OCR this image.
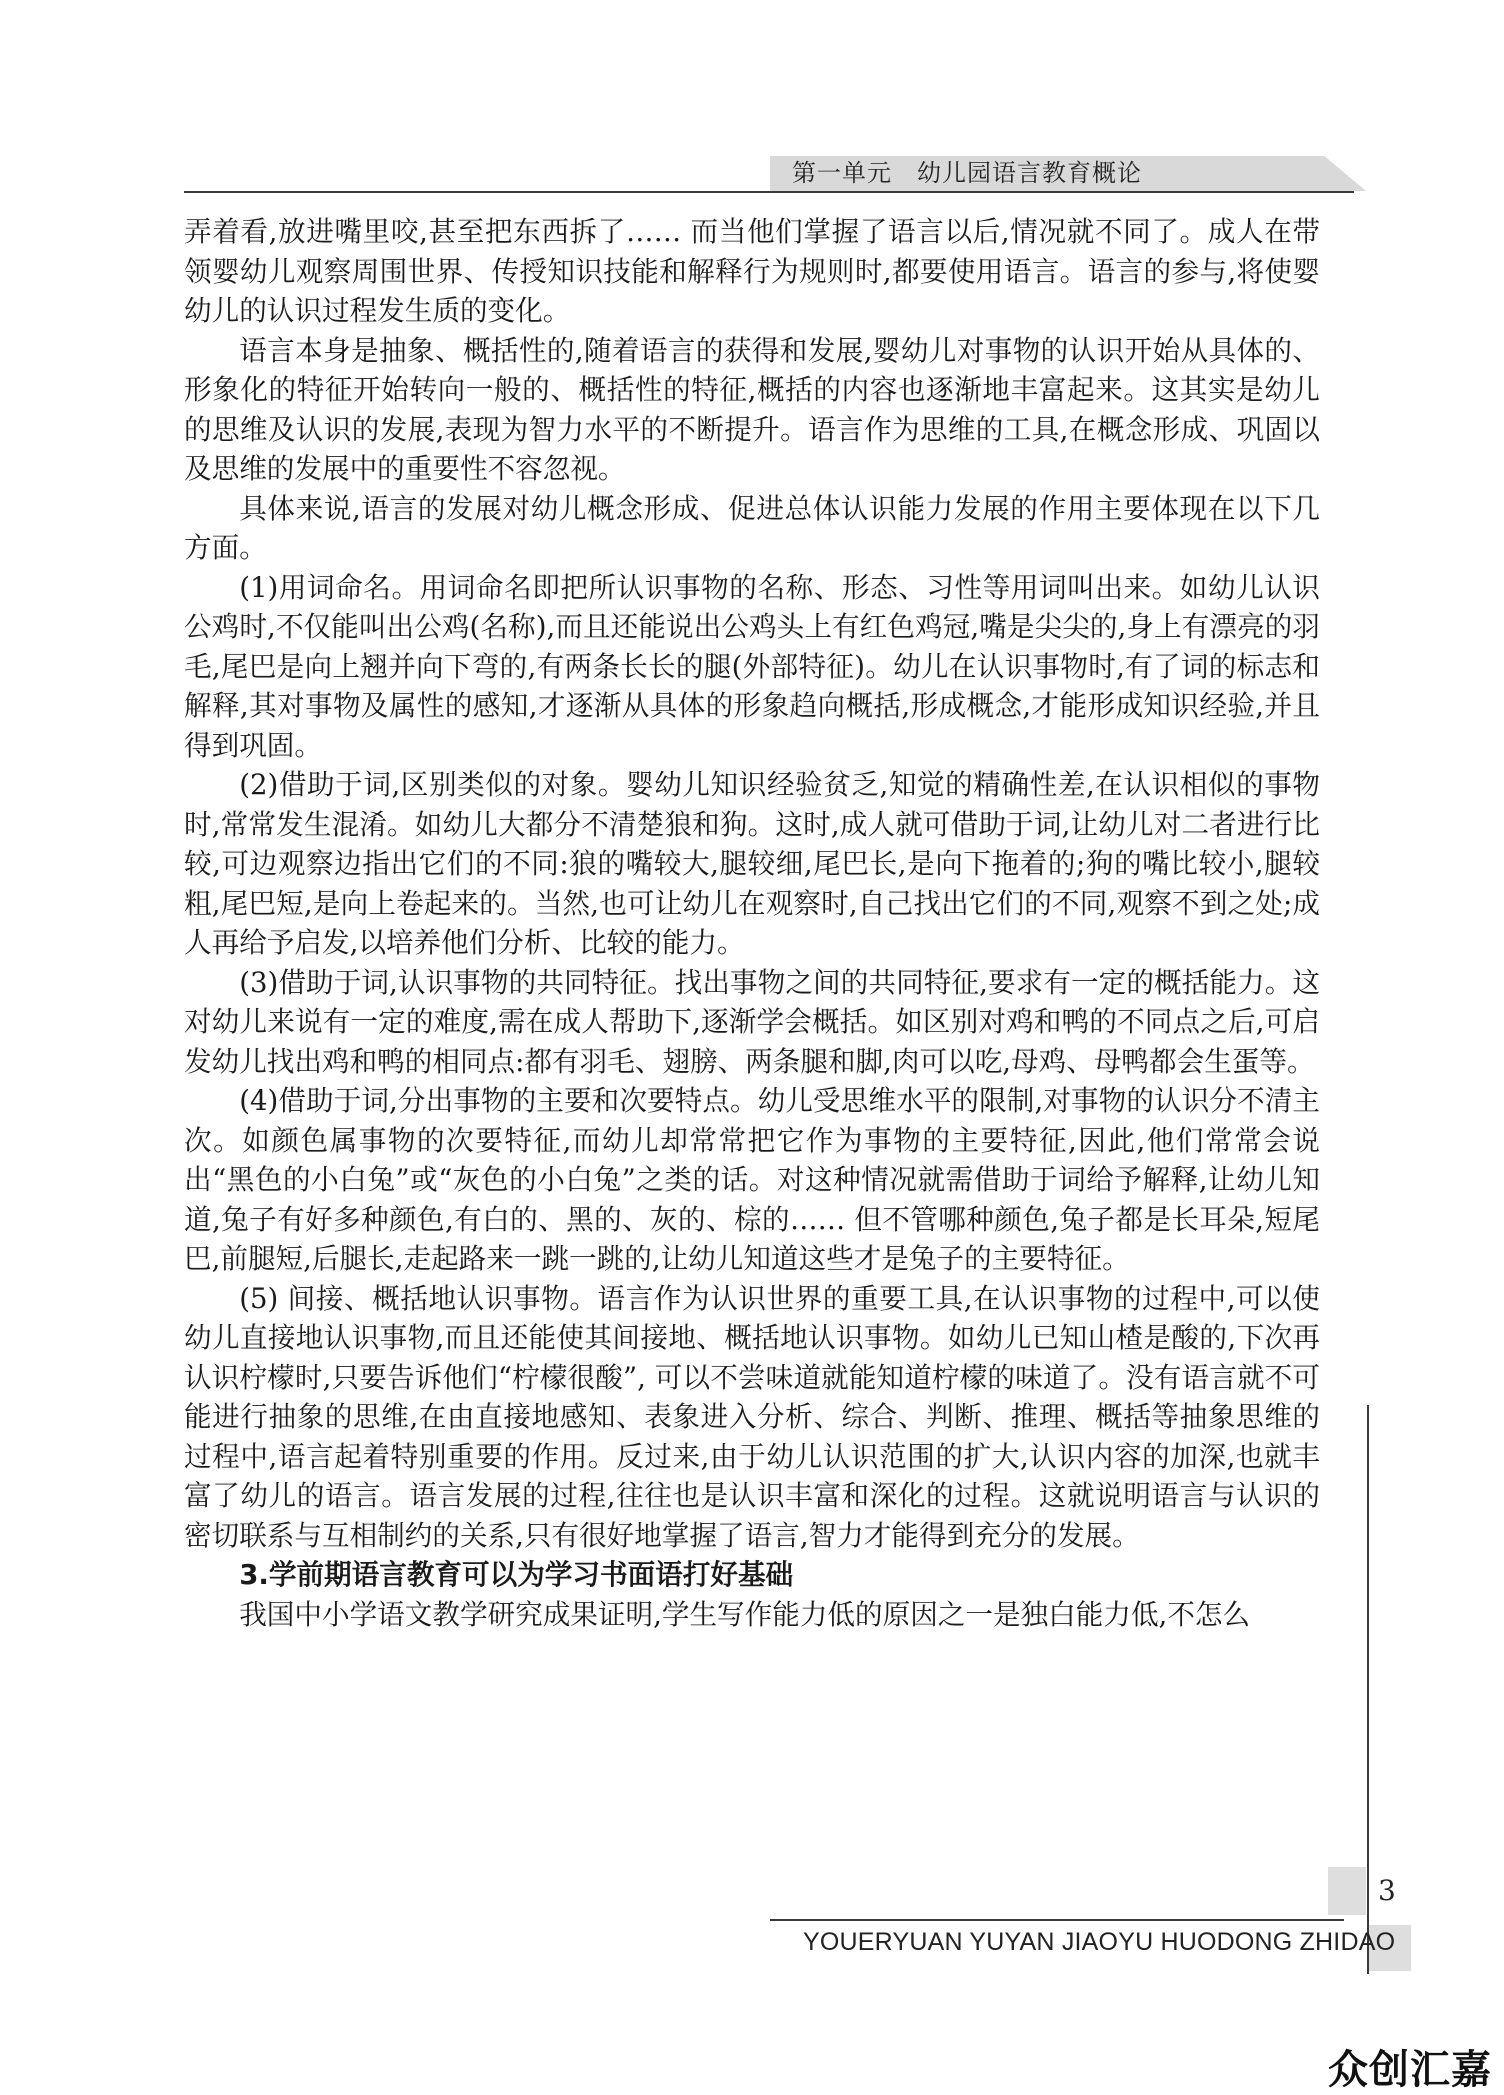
第一单元　幼儿园语言教育概论

弄着看,放进嘴里咬,甚至把东西拆了…… 而当他们掌握了语言以后,情况就不同了。成人在带领婴幼儿观察周围世界、传授知识技能和解释行为规则时,都要使用语言。语言的参与,将使婴幼儿的认识过程发生质的变化。

语言本身是抽象、概括性的,随着语言的获得和发展,婴幼儿对事物的认识开始从具体的、形象化的特征开始转向一般的、概括性的特征,概括的内容也逐渐地丰富起来。这其实是幼儿的思维及认识的发展,表现为智力水平的不断提升。语言作为思维的工具,在概念形成、巩固以及思维的发展中的重要性不容忽视。

具体来说,语言的发展对幼儿概念形成、促进总体认识能力发展的作用主要体现在以下几方面。

(1)用词命名。用词命名即把所认识事物的名称、形态、习性等用词叫出来。如幼儿认识公鸡时,不仅能叫出公鸡(名称),而且还能说出公鸡头上有红色鸡冠,嘴是尖尖的,身上有漂亮的羽毛,尾巴是向上翘并向下弯的,有两条长长的腿(外部特征)。幼儿在认识事物时,有了词的标志和解释,其对事物及属性的感知,才逐渐从具体的形象趋向概括,形成概念,才能形成知识经验,并且得到巩固。

(2)借助于词,区别类似的对象。婴幼儿知识经验贫乏,知觉的精确性差,在认识相似的事物时,常常发生混淆。如幼儿大都分不清楚狼和狗。这时,成人就可借助于词,让幼儿对二者进行比较,可边观察边指出它们的不同:狼的嘴较大,腿较细,尾巴长,是向下拖着的;狗的嘴比较小,腿较粗,尾巴短,是向上卷起来的。当然,也可让幼儿在观察时,自己找出它们的不同,观察不到之处;成人再给予启发,以培养他们分析、比较的能力。

(3)借助于词,认识事物的共同特征。找出事物之间的共同特征,要求有一定的概括能力。这对幼儿来说有一定的难度,需在成人帮助下,逐渐学会概括。如区别对鸡和鸭的不同点之后,可启发幼儿找出鸡和鸭的相同点:都有羽毛、翅膀、两条腿和脚,肉可以吃,母鸡、母鸭都会生蛋等。

(4)借助于词,分出事物的主要和次要特点。幼儿受思维水平的限制,对事物的认识分不清主次。如颜色属事物的次要特征,而幼儿却常常把它作为事物的主要特征,因此,他们常常会说出“黑色的小白兔”或“灰色的小白兔”之类的话。对这种情况就需借助于词给予解释,让幼儿知道,兔子有好多种颜色,有白的、黑的、灰的、棕的…… 但不管哪种颜色,兔子都是长耳朵,短尾巴,前腿短,后腿长,走起路来一跳一跳的,让幼儿知道这些才是兔子的主要特征。

(5) 间接、概括地认识事物。语言作为认识世界的重要工具,在认识事物的过程中,可以使幼儿直接地认识事物,而且还能使其间接地、概括地认识事物。如幼儿已知山楂是酸的,下次再认识柠檬时,只要告诉他们“柠檬很酸”, 可以不尝味道就能知道柠檬的味道了。没有语言就不可能进行抽象的思维,在由直接地感知、表象进入分析、综合、判断、推理、概括等抽象思维的过程中,语言起着特别重要的作用。反过来,由于幼儿认识范围的扩大,认识内容的加深,也就丰富了幼儿的语言。语言发展的过程,往往也是认识丰富和深化的过程。这就说明语言与认识的密切联系与互相制约的关系,只有很好地掌握了语言,智力才能得到充分的发展。

3.学前期语言教育可以为学习书面语打好基础

我国中小学语文教学研究成果证明,学生写作能力低的原因之一是独白能力低,不怎么

3
YOUERYUAN YUYAN JIAOYU HUODONG ZHIDAO
众创汇嘉
